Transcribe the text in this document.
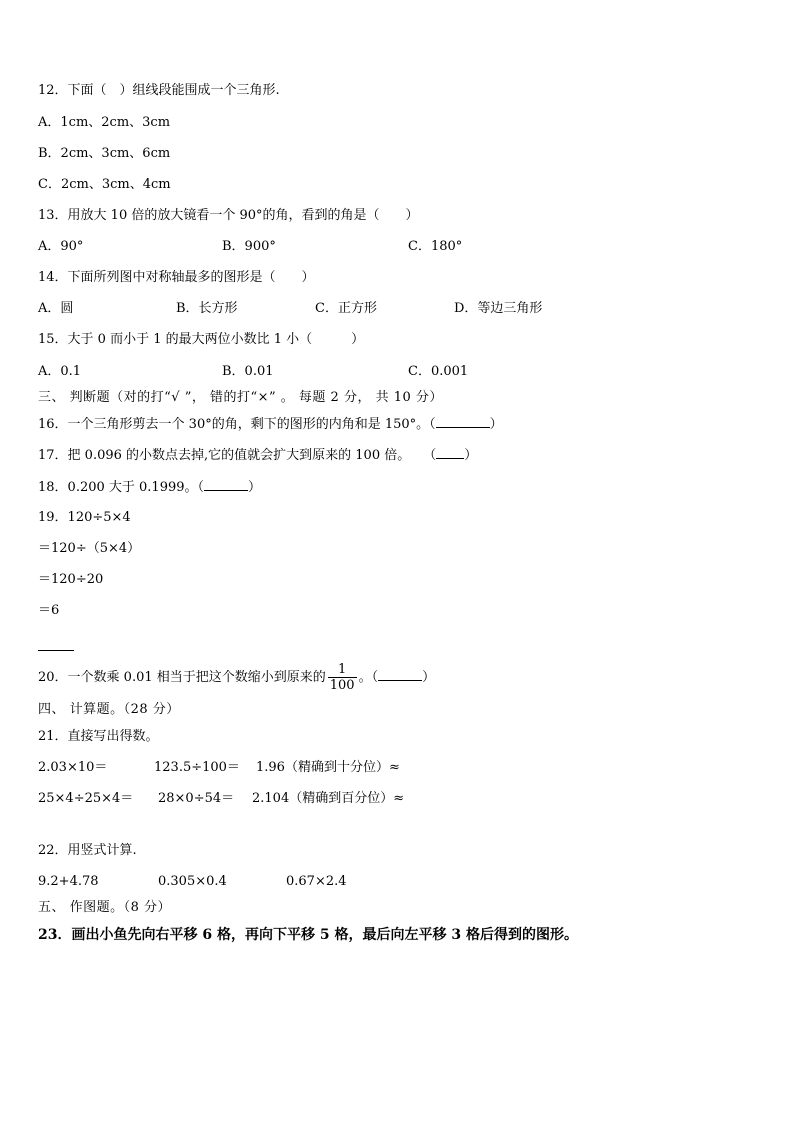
12．下面（　）组线段能围成一个三角形.
A．1cm、2cm、3cm
B．2cm、3cm、6cm
C．2cm、3cm、4cm
13．用放大 10 倍的放大镜看一个 90°的角，看到的角是（　　）
A．90°	B．900°	C．180°
14．下面所列图中对称轴最多的图形是（　　）
A．圆	B．长方形	C．正方形	D．等边三角形
15．大于 0 而小于 1 的最大两位小数比 1 小（　　　）
A．0.1	B．0.01	C．0.001
三、 判断题（对的打“√ ”， 错的打“×” 。 每题 2 分， 共 10 分）
16．一个三角形剪去一个 30°的角，剩下的图形的内角和是 150°。（	）
17．把 0.096 的小数点去掉,它的值就会扩大到原来的 100 倍。　　（ ）
18．0.200 大于 0.1999。（	）
19．120÷5×4
＝120÷（5×4）
＝120÷20
＝6
20．一个数乘 0.01 相当于把这个数缩小到原来的 $\frac{1}{100}$ 。（	）
四、 计算题。（28 分）
21．直接写出得数。
2.03×10＝	123.5÷100＝ 1.96（精确到十分位）≈
25×4÷25×4＝ 28×0÷54＝ 2.104（精确到百分位）≈
22．用竖式计算.
9.2+4.78	0.305×0.4	0.67×2.4
五、 作图题。（8 分）
23．画出小鱼先向右平移 6 格，再向下平移 5 格，最后向左平移 3 格后得到的图形。
